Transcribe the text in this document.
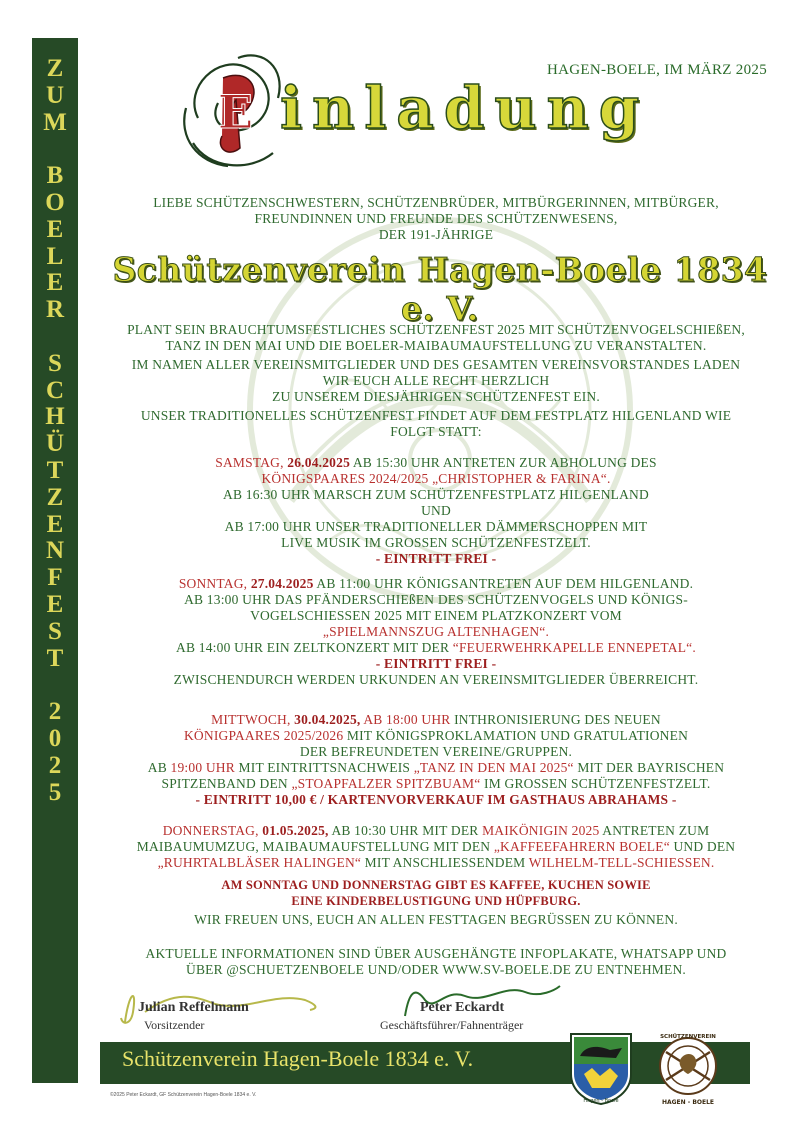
Z
U
M
B
O
E
L
E
R
S
C
H
Ü
T
Z
E
N
F
E
S
T
2
0
2
5
HAGEN-BOELE, IM MÄRZ 2025
E inladung

LIEBE SCHÜTZENSCHWESTERN, SCHÜTZENBRÜDER, MITBÜRGERINNEN, MITBÜRGER,

FREUNDINNEN UND FREUNDE DES SCHÜTZENWESENS,

DER 191-JÄHRIGE

Schützenverein Hagen-Boele 1834 e. V.

PLANT SEIN BRAUCHTUMSFESTLICHES SCHÜTZENFEST 2025 MIT SCHÜTZENVOGELSCHIEßEN,

TANZ IN DEN MAI UND DIE BOELER-MAIBAUMAUFSTELLUNG ZU VERANSTALTEN.

IM NAMEN ALLER VEREINSMITGLIEDER UND DES GESAMTEN VEREINSVORSTANDES LADEN

WIR EUCH ALLE RECHT HERZLICH

ZU UNSEREM DIESJÄHRIGEN SCHÜTZENFEST EIN.

UNSER TRADITIONELLES SCHÜTZENFEST FINDET AUF DEM FESTPLATZ HILGENLAND WIE

FOLGT STATT:

SAMSTAG, 26.04.2025 AB 15:30 UHR ANTRETEN ZUR ABHOLUNG DES

KÖNIGSPAARES 2024/2025 „CHRISTOPHER & FARINA“.

AB 16:30 UHR MARSCH ZUM SCHÜTZENFESTPLATZ HILGENLAND

UND

AB 17:00 UHR UNSER TRADITIONELLER DÄMMERSCHOPPEN MIT

LIVE MUSIK IM GROSSEN SCHÜTZENFESTZELT.

- EINTRITT FREI -

SONNTAG, 27.04.2025 AB 11:00 UHR KÖNIGSANTRETEN AUF DEM HILGENLAND.

AB 13:00 UHR DAS PFÄNDERSCHIEßEN DES SCHÜTZENVOGELS UND KÖNIGS-

VOGELSCHIESSEN 2025 MIT EINEM PLATZKONZERT VOM

„SPIELMANNSZUG ALTENHAGEN“.

AB 14:00 UHR EIN ZELTKONZERT MIT DER “FEUERWEHRKAPELLE ENNEPETAL“.

- EINTRITT FREI -

ZWISCHENDURCH WERDEN URKUNDEN AN VEREINSMITGLIEDER ÜBERREICHT.

MITTWOCH, 30.04.2025, AB 18:00 UHR INTHRONISIERUNG DES NEUEN

KÖNIGPAARES 2025/2026 MIT KÖNIGSPROKLAMATION UND GRATULATIONEN

DER BEFREUNDETEN VEREINE/GRUPPEN.

AB 19:00 UHR MIT EINTRITTSNACHWEIS „TANZ IN DEN MAI 2025“ MIT DER BAYRISCHEN

SPITZENBAND DEN „STOAPFALZER SPITZBUAM“ IM GROSSEN SCHÜTZENFESTZELT.

- EINTRITT 10,00 € / KARTENVORVERKAUF IM GASTHAUS ABRAHAMS -

DONNERSTAG, 01.05.2025, AB 10:30 UHR MIT DER MAIKÖNIGIN 2025 ANTRETEN ZUM

MAIBAUMUMZUG, MAIBAUMAUFSTELLUNG MIT DEN „KAFFEEFAHRERN BOELE“ UND DEN

„RUHRTALBLÄSER HALINGEN“ MIT ANSCHLIESSENDEM WILHELM-TELL-SCHIESSEN.

AM SONNTAG UND DONNERSTAG GIBT ES KAFFEE, KUCHEN SOWIE

EINE KINDERBELUSTIGUNG UND HÜPFBURG.

WIR FREUEN UNS, EUCH AN ALLEN FESTTAGEN BEGRÜSSEN ZU KÖNNEN.

AKTUELLE INFORMATIONEN SIND ÜBER AUSGEHÄNGTE INFOPLAKATE, WHATSAPP UND

ÜBER @SCHUETZENBOELE UND/ODER WWW.SV-BOELE.DE ZU ENTNEHMEN.

Julian Reffelmann
Vorsitzender
Peter Eckardt
Geschäftsführer/Fahnenträger
Schützenverein Hagen-Boele 1834 e. V.
Hagen - Boele
SCHÜTZENVEREIN
HAGEN - BOELE
©2025 Peter Eckardt, GF Schützenverein Hagen-Boele 1834 e. V.
